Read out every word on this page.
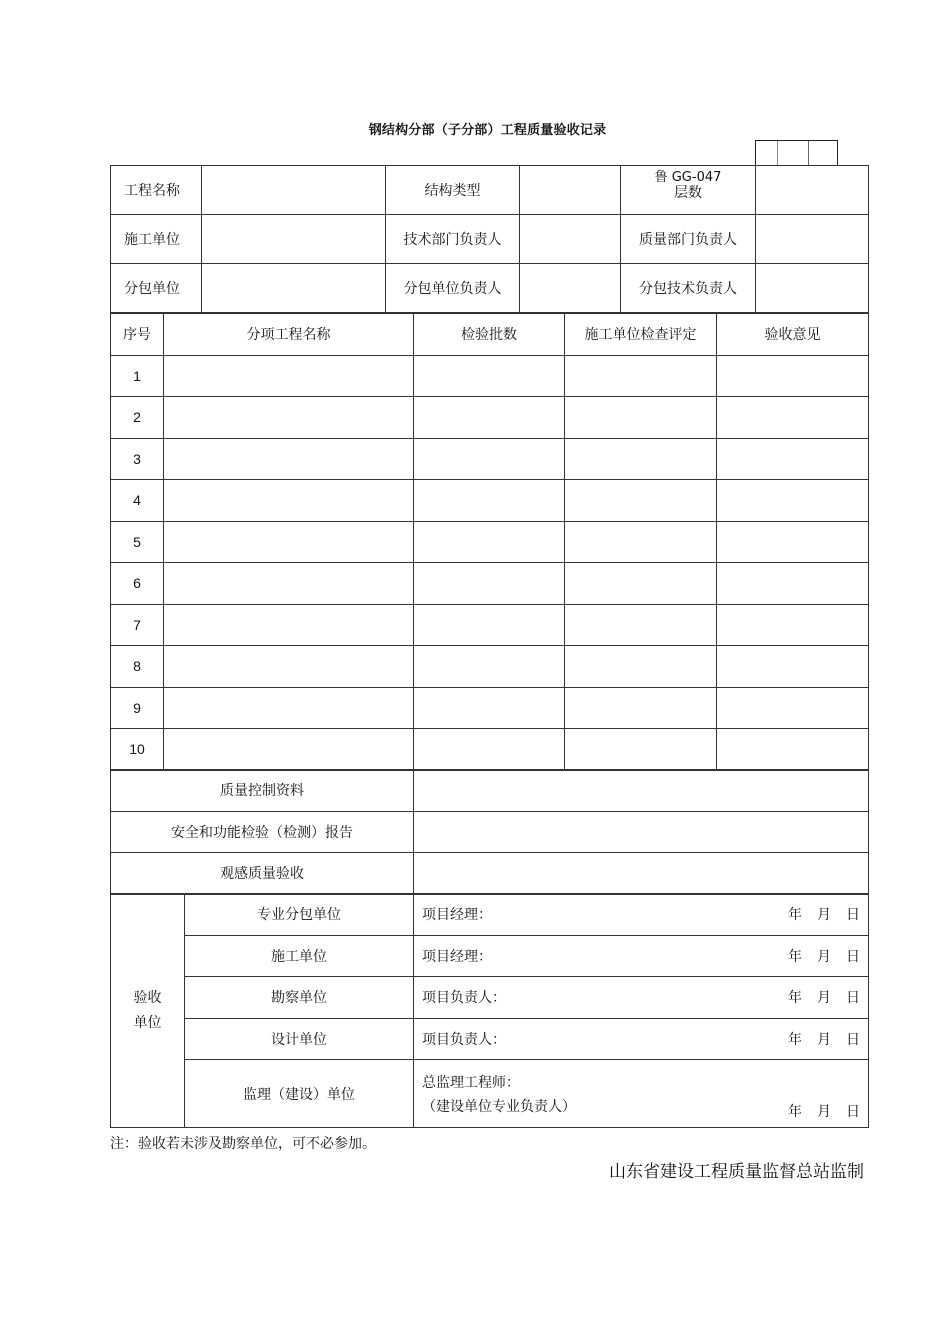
钢结构分部（子分部）工程质量验收记录
工程名称		结构类型		鲁 GG-047
层数	

施工单位		技术部门负责人		质量部门负责人	
分包单位		分包单位负责人		分包技术负责人	
序号	分项工程名称	检验批数	施工单位检查评定	验收意见
1				
2				
3				
4				
5				
6				
7				
8				
9				
10				
质量控制资料	
安全和功能检验（检测）报告	
观感质量验收	
验收
单位
	专业分包单位	项目经理：	年 月 日

	施工单位	项目经理： 年 月 日

	勘察单位	项目负责人： 年 月 日

	设计单位	项目负责人： 年 月 日

	监理（建设）单位	总监理工程师：
（建设单位专业负责人） 年 月 日
注：验收若未涉及勘察单位，可不必参加。
山东省建设工程质量监督总站监制
